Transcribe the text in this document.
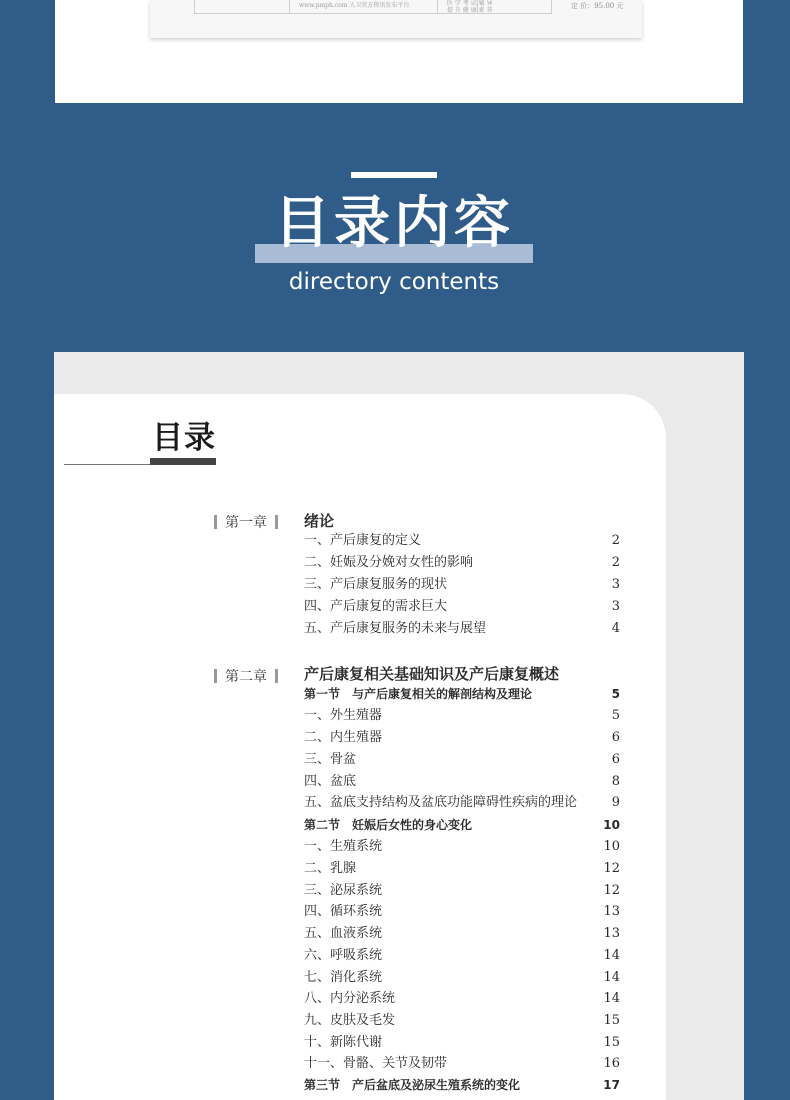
www.pmph.com 人卫官方资讯发布平台	医 学 考 试 辅 导
提 升 健 康 素 养
定 价：95.00 元
目录内容
directory contents
目录
第一章	绪论
一、产后康复的定义	2
二、妊娠及分娩对女性的影响	2
三、产后康复服务的现状	3
四、产后康复的需求巨大	3
五、产后康复服务的未来与展望	4
第二章	产后康复相关基础知识及产后康复概述
第一节　与产后康复相关的解剖结构及理论	5
一、外生殖器	5
二、内生殖器	6
三、骨盆	6
四、盆底	8
五、盆底支持结构及盆底功能障碍性疾病的理论	9
第二节　妊娠后女性的身心变化	10
一、生殖系统	10
二、乳腺	12
三、泌尿系统	12
四、循环系统	13
五、血液系统	13
六、呼吸系统	14
七、消化系统	14
八、内分泌系统	14
九、皮肤及毛发	15
十、新陈代谢	15
十一、骨骼、关节及韧带	16
第三节　产后盆底及泌尿生殖系统的变化	17
